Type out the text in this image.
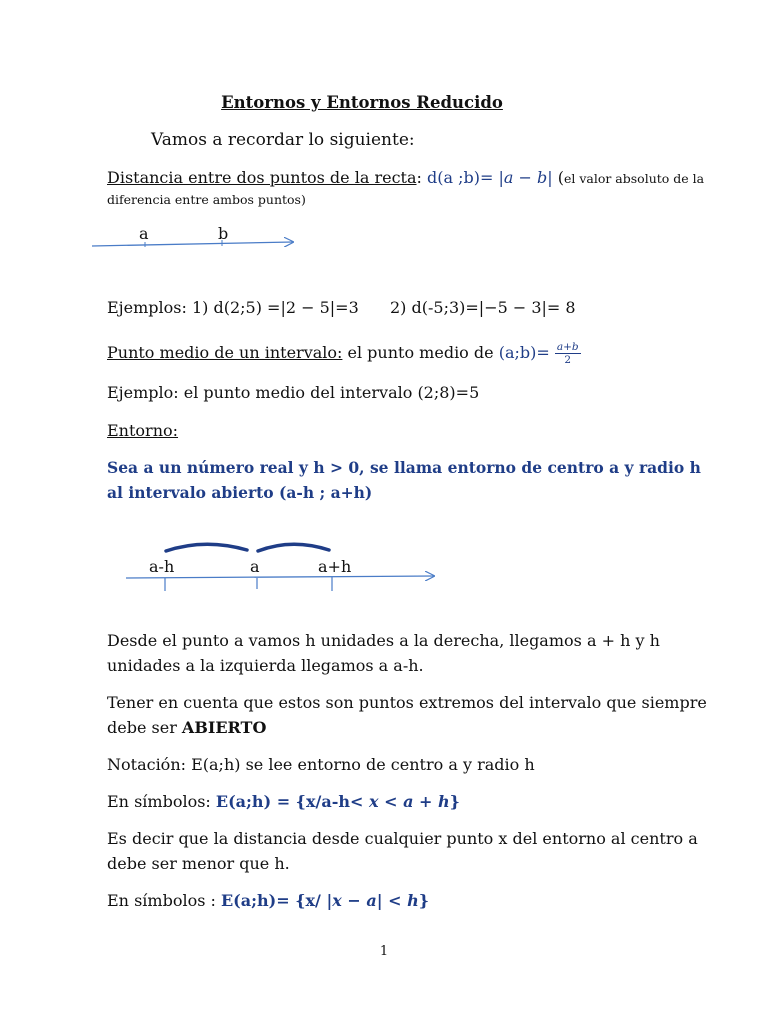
Entornos y Entornos Reducido
Vamos a recordar lo siguiente:
Distancia entre dos puntos de la recta: d(a ;b)= |a − b| (el valor absoluto de la
diferencia entre ambos puntos)
a	b
Ejemplos: 1) d(2;5) =|2 − 5|=3 2) d(-5;3)=|−5 − 3|= 8
Punto medio de un intervalo: el punto medio de (a;b)= $\frac{a+b}{2}$
Ejemplo: el punto medio del intervalo (2;8)=5
Entorno:
Sea a un número real y h > 0, se llama entorno de centro a y radio h
al intervalo abierto (a-h ; a+h)
a-h	a	a+h
Desde el punto a vamos h unidades a la derecha, llegamos a + h y h
unidades a la izquierda llegamos a a-h.
Tener en cuenta que estos son puntos extremos del intervalo que siempre
debe ser ABIERTO
Notación: E(a;h) se lee entorno de centro a y radio h
En símbolos: E(a;h) = {x/a-h< x < a + h}
Es decir que la distancia desde cualquier punto x del entorno al centro a
debe ser menor que h.
En símbolos : E(a;h)= {x/ |x − a| < h}
1
